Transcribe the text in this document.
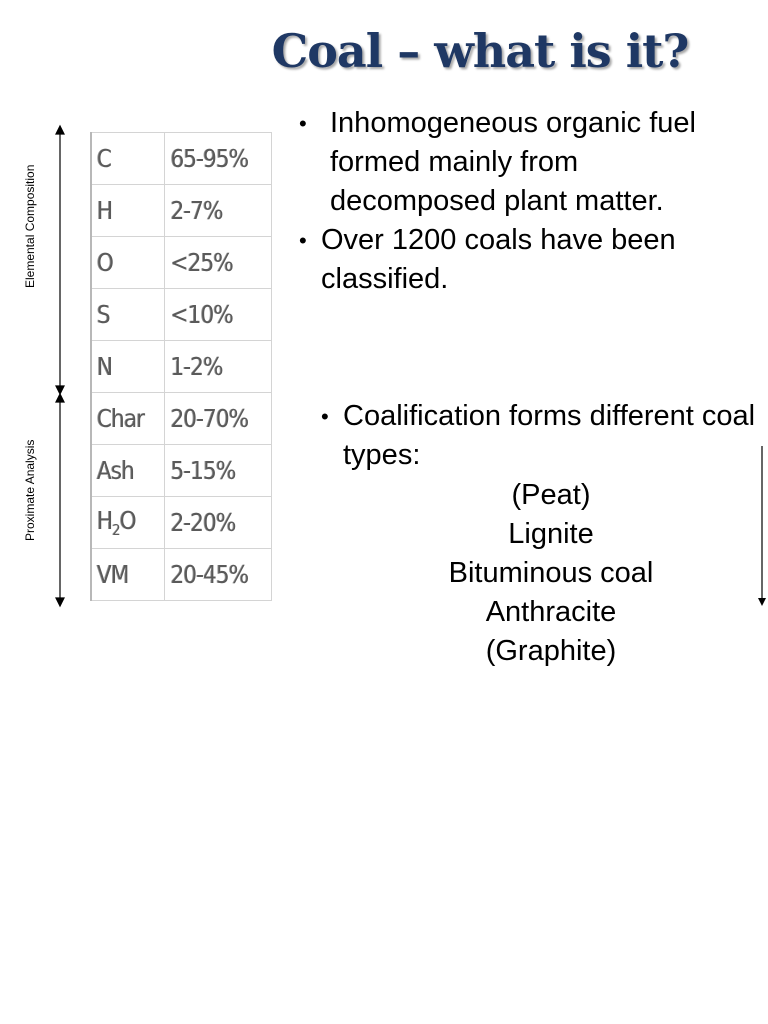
Coal – what is it?
Elemental Composition
Proximate Analysis
C	65-95%
H	2-7%
O	<25%
S	<10%
N	1-2%
Char	20-70%
Ash	5-15%
$H_2O$	2-20%
VM	20-45%
• Inhomogeneous organic fuel formed mainly from decomposed plant matter.
• Over 1200 coals have been classified.
• Coalification forms different coal types:
(Peat)
Lignite
Bituminous coal
Anthracite
(Graphite)
